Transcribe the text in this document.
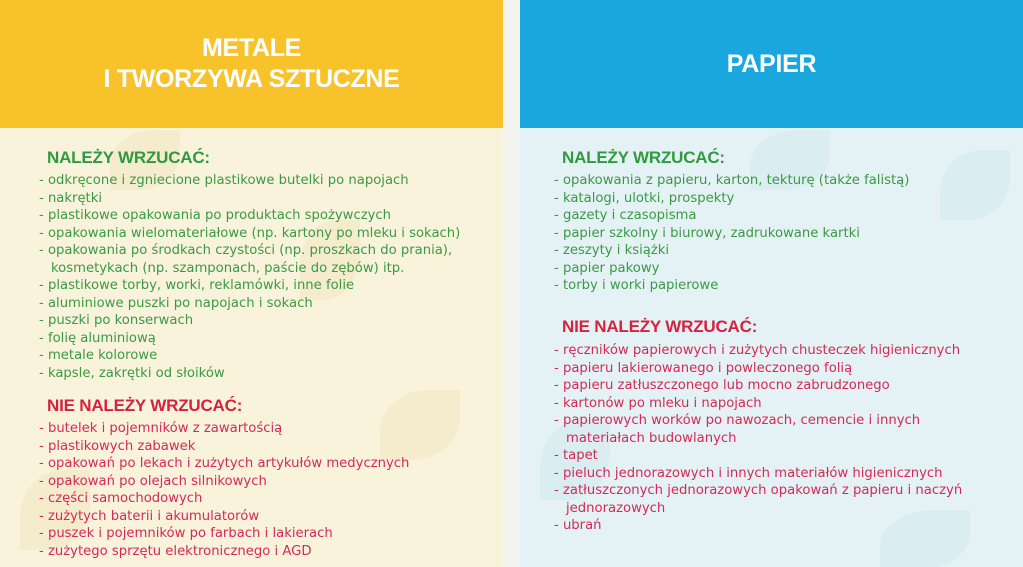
METALE
I TWORZYWA SZTUCZNE
NALEŻY WRZUCAĆ:
- odkręcone i zgniecione plastikowe butelki po napojach
- nakrętki
- plastikowe opakowania po produktach spożywczych
- opakowania wielomateriałowe (np. kartony po mleku i sokach)
- opakowania po środkach czystości (np. proszkach do prania),
kosmetykach (np. szamponach, paście do zębów) itp.
- plastikowe torby, worki, reklamówki, inne folie
- aluminiowe puszki po napojach i sokach
- puszki po konserwach
- folię aluminiową
- metale kolorowe
- kapsle, zakrętki od słoików
NIE NALEŻY WRZUCAĆ:
- butelek i pojemników z zawartością
- plastikowych zabawek
- opakowań po lekach i zużytych artykułów medycznych
- opakowań po olejach silnikowych
- części samochodowych
- zużytych baterii i akumulatorów
- puszek i pojemników po farbach i lakierach
- zużytego sprzętu elektronicznego i AGD
PAPIER
NALEŻY WRZUCAĆ:
- opakowania z papieru, karton, tekturę (także falistą)
- katalogi, ulotki, prospekty
- gazety i czasopisma
- papier szkolny i biurowy, zadrukowane kartki
- zeszyty i książki
- papier pakowy
- torby i worki papierowe
NIE NALEŻY WRZUCAĆ:
- ręczników papierowych i zużytych chusteczek higienicznych
- papieru lakierowanego i powleczonego folią
- papieru zatłuszczonego lub mocno zabrudzonego
- kartonów po mleku i napojach
- papierowych worków po nawozach, cemencie i innych
materiałach budowlanych
- tapet
- pieluch jednorazowych i innych materiałów higienicznych
- zatłuszczonych jednorazowych opakowań z papieru i naczyń
jednorazowych
- ubrań
